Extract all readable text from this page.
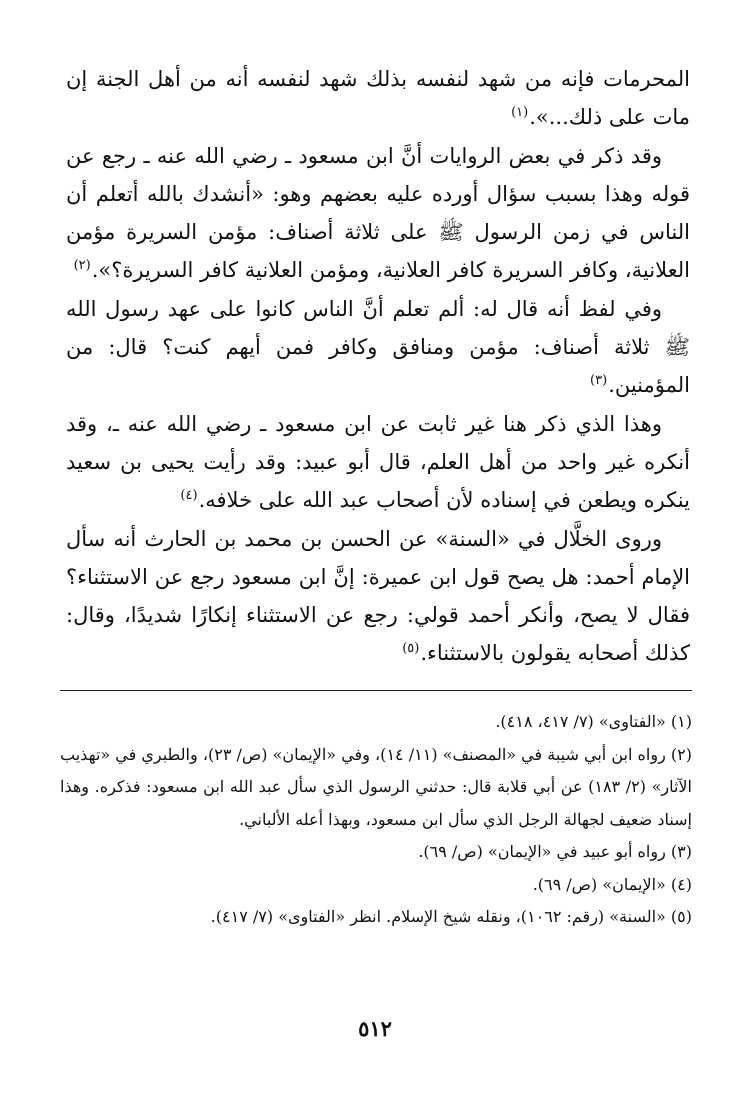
المحرمات فإنه من شهد لنفسه بذلك شهد لنفسه أنه من أهل الجنة إن مات على ذلك...».$^{(١)}$

وقد ذكر في بعض الروايات أنَّ ابن مسعود ـ رضي الله عنه ـ رجع عن قوله وهذا بسبب سؤال أورده عليه بعضهم وهو: «أنشدك بالله أتعلم أن الناس في زمن الرسول ﷺ على ثلاثة أصناف: مؤمن السريرة مؤمن العلانية، وكافر السريرة كافر العلانية، ومؤمن العلانية كافر السريرة؟».$^{(٢)}$

وفي لفظ أنه قال له: ألم تعلم أنَّ الناس كانوا على عهد رسول الله ﷺ ثلاثة أصناف: مؤمن ومنافق وكافر فمن أيهم كنت؟ قال: من المؤمنين.$^{(٣)}$

وهذا الذي ذكر هنا غير ثابت عن ابن مسعود ـ رضي الله عنه ـ، وقد أنكره غير واحد من أهل العلم، قال أبو عبيد: وقد رأيت يحيى بن سعيد ينكره ويطعن في إسناده لأن أصحاب عبد الله على خلافه.$^{(٤)}$

وروى الخلَّال في «السنة» عن الحسن بن محمد بن الحارث أنه سأل الإمام أحمد: هل يصح قول ابن عميرة: إنَّ ابن مسعود رجع عن الاستثناء؟ فقال لا يصح، وأنكر أحمد قولي: رجع عن الاستثناء إنكارًا شديدًا، وقال: كذلك أصحابه يقولون بالاستثناء.$^{(٥)}$

(١) «الفتاوى» (٧/ ٤١٧، ٤١٨).

(٢) رواه ابن أبي شيبة في «المصنف» (١١/ ١٤)، وفي «الإيمان» (ص/ ٢٣)، والطبري في «تهذيب الآثار» (٢/ ١٨٣) عن أبي قلابة قال: حدثني الرسول الذي سأل عبد الله ابن مسعود: فذكره. وهذا إسناد ضعيف لجهالة الرجل الذي سأل ابن مسعود، وبهذا أعله الألباني.

(٣) رواه أبو عبيد في «الإيمان» (ص/ ٦٩).

(٤) «الإيمان» (ص/ ٦٩).

(٥) «السنة» (رقم: ١٠٦٢)، ونقله شيخ الإسلام. انظر «الفتاوى» (٧/ ٤١٧).

٥١٢
